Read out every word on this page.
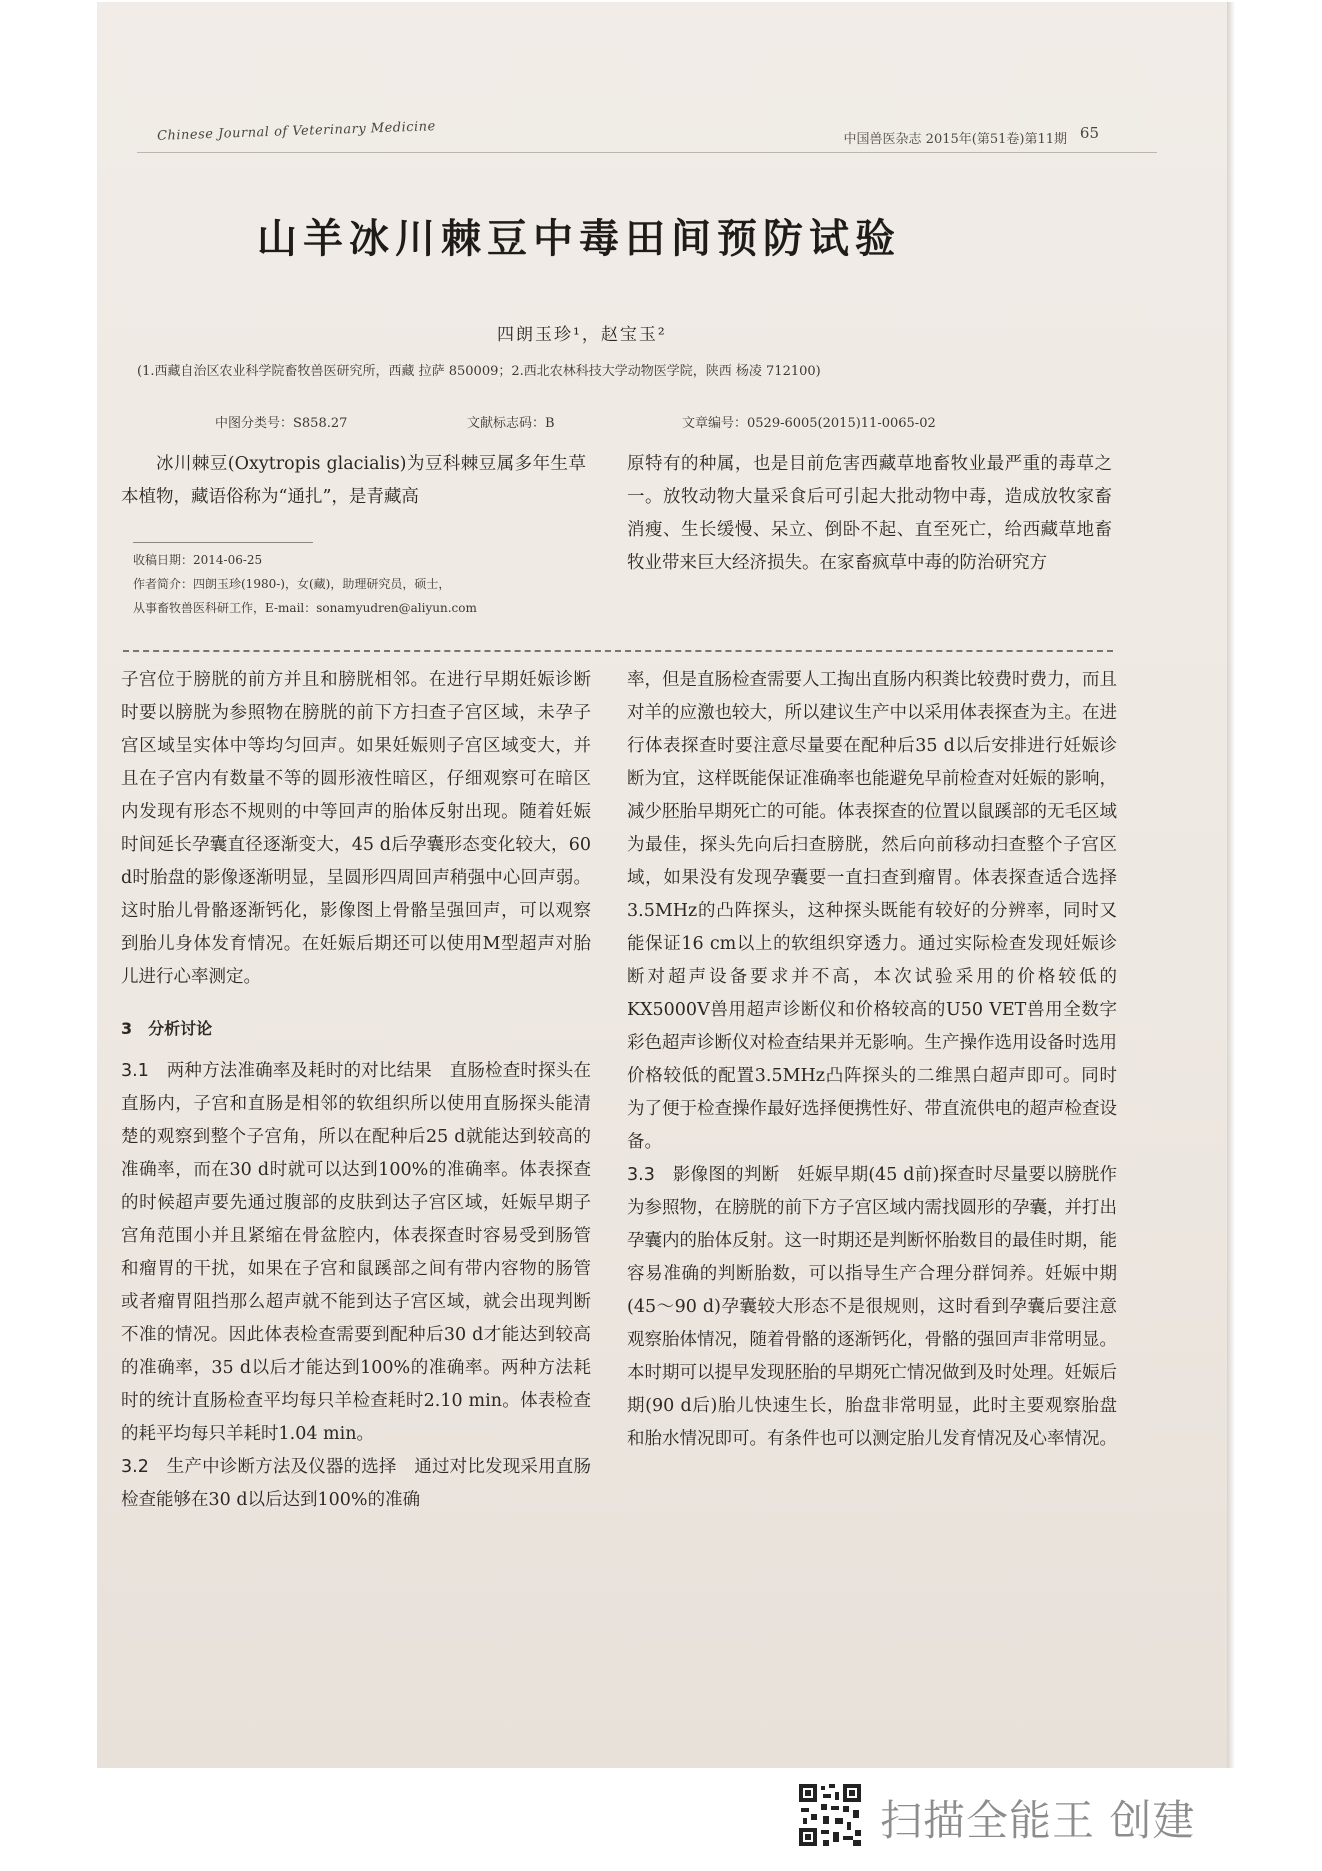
Chinese Journal of Veterinary Medicine	中国兽医杂志 2015年(第51卷)第11期 65
山羊冰川棘豆中毒田间预防试验
四朗玉珍¹，赵宝玉²
(1.西藏自治区农业科学院畜牧兽医研究所，西藏 拉萨 850009；2.西北农林科技大学动物医学院，陕西 杨凌 712100)
中图分类号：S858.27	文献标志码：B	文章编号：0529-6005(2015)11-0065-02

冰川棘豆(Oxytropis glacialis)为豆科棘豆属多年生草本植物，藏语俗称为“通扎”，是青藏高

原特有的种属，也是目前危害西藏草地畜牧业最严重的毒草之一。放牧动物大量采食后可引起大批动物中毒，造成放牧家畜消瘦、生长缓慢、呆立、倒卧不起、直至死亡，给西藏草地畜牧业带来巨大经济损失。在家畜疯草中毒的防治研究方

收稿日期：2014-06-25
作者简介：四朗玉珍(1980-)，女(藏)，助理研究员，硕士，
从事畜牧兽医科研工作，E-mail：sonamyudren@aliyun.com

子宫位于膀胱的前方并且和膀胱相邻。在进行早期妊娠诊断时要以膀胱为参照物在膀胱的前下方扫查子宫区域，未孕子宫区域呈实体中等均匀回声。如果妊娠则子宫区域变大，并且在子宫内有数量不等的圆形液性暗区，仔细观察可在暗区内发现有形态不规则的中等回声的胎体反射出现。随着妊娠时间延长孕囊直径逐渐变大，45 d后孕囊形态变化较大，60 d时胎盘的影像逐渐明显，呈圆形四周回声稍强中心回声弱。这时胎儿骨骼逐渐钙化，影像图上骨骼呈强回声，可以观察到胎儿身体发育情况。在妊娠后期还可以使用M型超声对胎儿进行心率测定。

3　分析讨论

3.1　两种方法准确率及耗时的对比结果　 直肠检查时探头在直肠内，子宫和直肠是相邻的软组织所以使用直肠探头能清楚的观察到整个子宫角，所以在配种后25 d就能达到较高的准确率，而在30 d时就可以达到100%的准确率。体表探查的时候超声要先通过腹部的皮肤到达子宫区域，妊娠早期子宫角范围小并且紧缩在骨盆腔内，体表探查时容易受到肠管和瘤胃的干扰，如果在子宫和鼠蹊部之间有带内容物的肠管或者瘤胃阻挡那么超声就不能到达子宫区域，就会出现判断不准的情况。因此体表检查需要到配种后30 d才能达到较高的准确率，35 d以后才能达到100%的准确率。两种方法耗时的统计直肠检查平均每只羊检查耗时2.10 min。体表检查的耗平均每只羊耗时1.04 min。

3.2　生产中诊断方法及仪器的选择　 通过对比发现采用直肠检查能够在30 d以后达到100%的准确

率，但是直肠检查需要人工掏出直肠内积粪比较费时费力，而且对羊的应激也较大，所以建议生产中以采用体表探查为主。在进行体表探查时要注意尽量要在配种后35 d以后安排进行妊娠诊断为宜，这样既能保证准确率也能避免早前检查对妊娠的影响，减少胚胎早期死亡的可能。体表探查的位置以鼠蹊部的无毛区域为最佳，探头先向后扫查膀胱，然后向前移动扫查整个子宫区域，如果没有发现孕囊要一直扫查到瘤胃。体表探查适合选择3.5MHz的凸阵探头，这种探头既能有较好的分辨率，同时又能保证16 cm以上的软组织穿透力。通过实际检查发现妊娠诊断对超声设备要求并不高，本次试验采用的价格较低的KX5000V兽用超声诊断仪和价格较高的U50 VET兽用全数字彩色超声诊断仪对检查结果并无影响。生产操作选用设备时选用价格较低的配置3.5MHz凸阵探头的二维黑白超声即可。同时为了便于检查操作最好选择便携性好、带直流供电的超声检查设备。

3.3　影像图的判断　 妊娠早期(45 d前)探查时尽量要以膀胱作为参照物，在膀胱的前下方子宫区域内需找圆形的孕囊，并打出孕囊内的胎体反射。这一时期还是判断怀胎数目的最佳时期，能容易准确的判断胎数，可以指导生产合理分群饲养。妊娠中期(45～90 d)孕囊较大形态不是很规则，这时看到孕囊后要注意观察胎体情况，随着骨骼的逐渐钙化，骨骼的强回声非常明显。本时期可以提早发现胚胎的早期死亡情况做到及时处理。妊娠后期(90 d后)胎儿快速生长，胎盘非常明显，此时主要观察胎盘和胎水情况即可。有条件也可以测定胎儿发育情况及心率情况。

扫描全能王 创建
